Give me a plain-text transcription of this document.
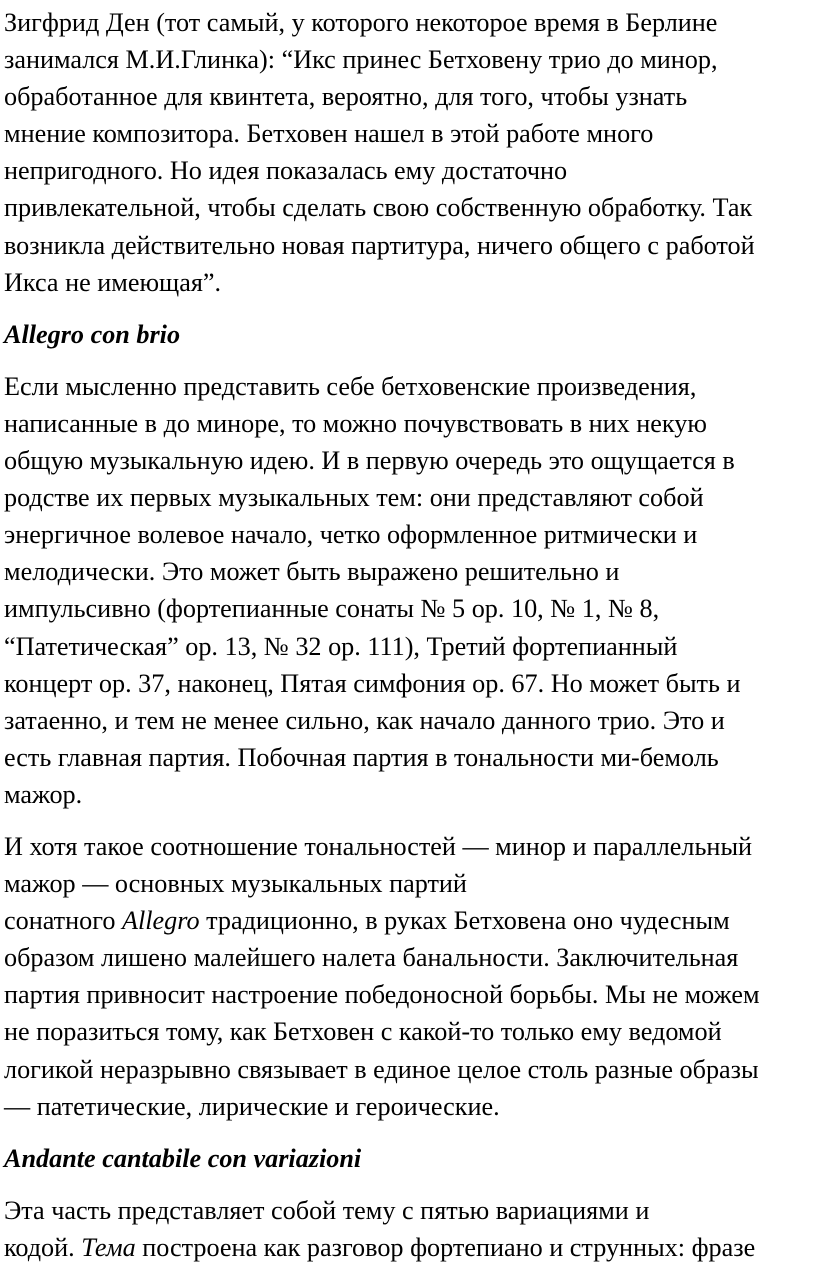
Зигфрид Ден (тот самый, у которого некоторое время в Берлине
занимался М.И.Глинка): “Икс принес Бетховену трио до минор,
обработанное для квинтета, вероятно, для того, чтобы узнать
мнение композитора. Бетховен нашел в этой работе много
непригодного. Но идея показалась ему достаточно
привлекательной, чтобы сделать свою собственную обработку. Так
возникла действительно новая партитура, ничего общего с работой
Икса не имеющая”.

Allegro con brio

Если мысленно представить себе бетховенские произведения,
написанные в до миноре, то можно почувствовать в них некую
общую музыкальную идею. И в первую очередь это ощущается в
родстве их первых музыкальных тем: они представляют собой
энергичное волевое начало, четко оформленное ритмически и
мелодически. Это может быть выражено решительно и
импульсивно (фортепианные сонаты № 5 ор. 10, № 1, № 8,
“Патетическая” ор. 13, № 32 ор. 111), Третий фортепианный
концерт ор. 37, наконец, Пятая симфония ор. 67. Но может быть и
затаенно, и тем не менее сильно, как начало данного трио. Это и
есть главная партия. Побочная партия в тональности ми-бемоль
мажор.

И хотя такое соотношение тональностей — минор и параллельный
мажор — основных музыкальных партий
сонатного Allegro традиционно, в руках Бетховена оно чудесным
образом лишено малейшего налета банальности. Заключительная
партия привносит настроение победоносной борьбы. Мы не можем
не поразиться тому, как Бетховен с какой-то только ему ведомой
логикой неразрывно связывает в единое целое столь разные образы
— патетические, лирические и героические.

Andante cantabile con variazioni

Эта часть представляет собой тему с пятью вариациями и
кодой. Тема построена как разговор фортепиано и струнных: фразе
